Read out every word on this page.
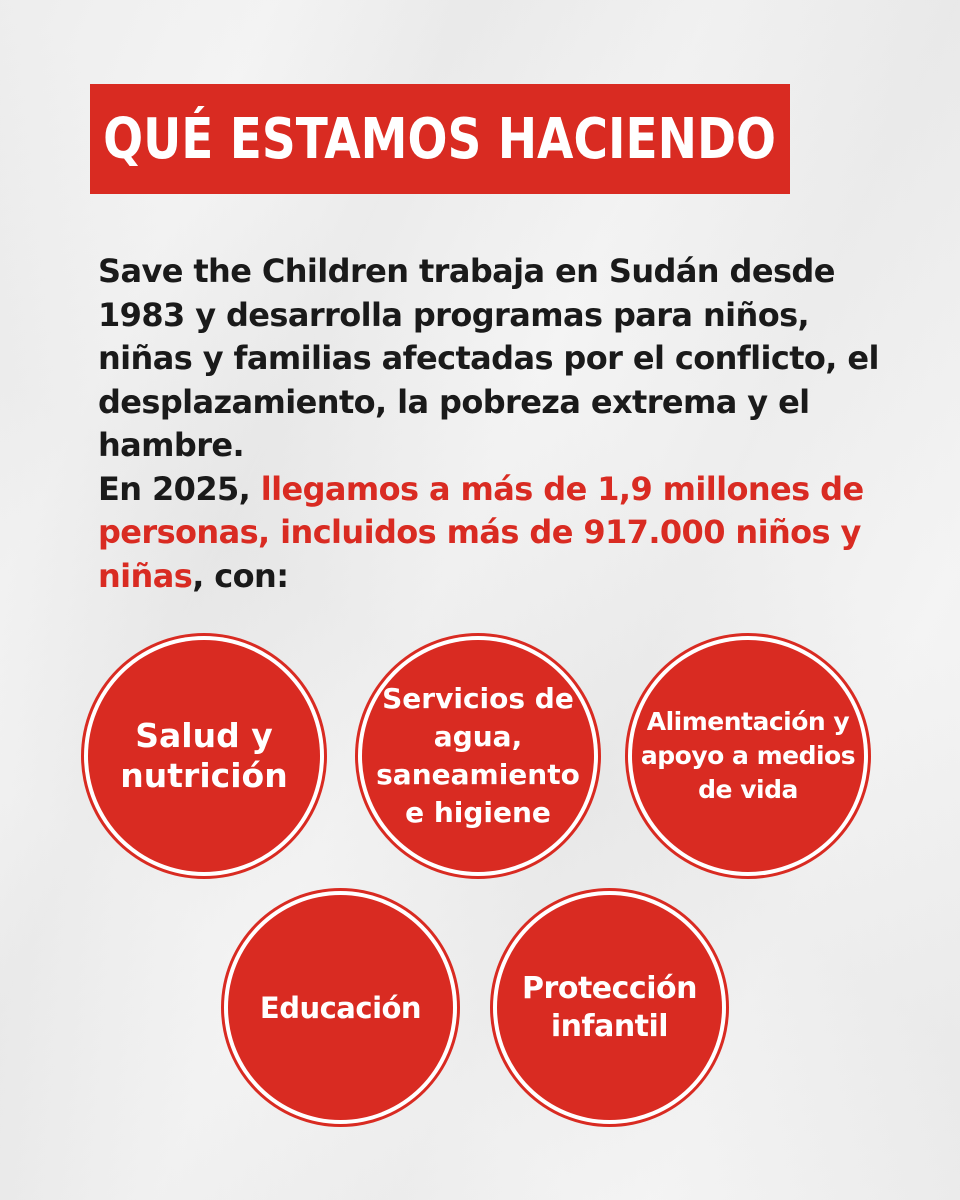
QUÉ ESTAMOS HACIENDO

Save the Children trabaja en Sudán desde 1983 y desarrolla programas para niños, niñas y familias afectadas por el conflicto, el desplazamiento, la pobreza extrema y el hambre.

En 2025, llegamos a más de 1,9 millones de personas, incluidos más de 917.000 niños y niñas, con:

Salud y nutrición
Servicios de agua, saneamiento e higiene
Alimentación y apoyo a medios de vida
Educación
Protección infantil
